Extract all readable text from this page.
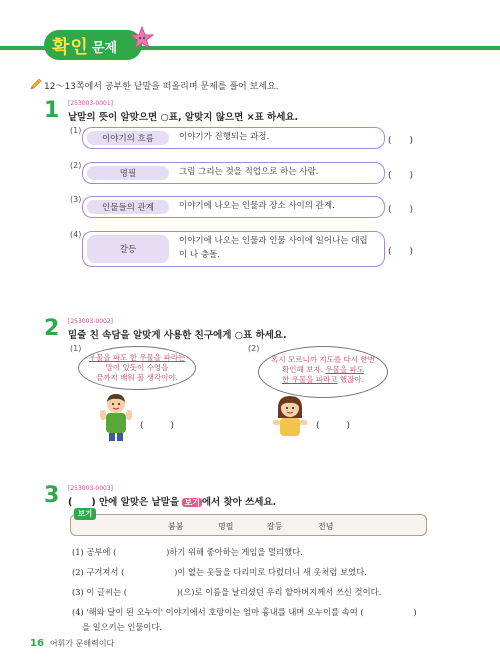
확인 문제
12～13쪽에서 공부한 낱말을 떠올리며 문제를 풀어 보세요.
1 [253003-0001]
낱말의 뜻이 알맞으면 ○표, 알맞지 않으면 ×표 하세요.
(1)
이야기의 흐름	이야기가 진행되는 과정.	(　　)
(2)
명필	그림 그리는 것을 직업으로 하는 사람.	(　　)
(3)
인물들의 관계	이야기에 나오는 인물과 장소 사이의 관계.	(　　)
(4)
갈등
이야기에 나오는 인물과 인물 사이에 일어나는 대립이 나 충돌.	(　　)
2 [253003-0002]
밑줄 친 속담을 알맞게 사용한 친구에게 ○표 하세요.
(1)
우물을 파도 한 우물을 파라는
말이 있듯이 수영을
끝까지 배워 볼 생각이야.
(　　　)
(2)
혹시 모르니까 지도를 다시 한번
확인해 보자. 우물을 파도
한 우물을 파라고 했잖아.
(　　　)
3 [253003-0003]
(　　) 안에 알맞은 낱말을 보기 에서 찾아 쓰세요.
보기
붐붐	명필	갈등	전념
(1) 공부에 (　　　　　　)하기 위해 좋아하는 게임을 멀리했다.
(2) 구겨져서 (　　　　　　)이 없는 옷들을 다리미로 다렸더니 새 옷처럼 보였다.
(3) 이 글씨는 (　　　　　　)(으)로 이름을 날리셨던 우리 할아버지께서 쓰신 것이다.
(4) '해와 달이 된 오누이' 이야기에서 호랑이는 엄마 흉내를 내며 오누이를 속여 (　　　　　　)
을 일으키는 인물이다.
16 어휘가 문해력이다
